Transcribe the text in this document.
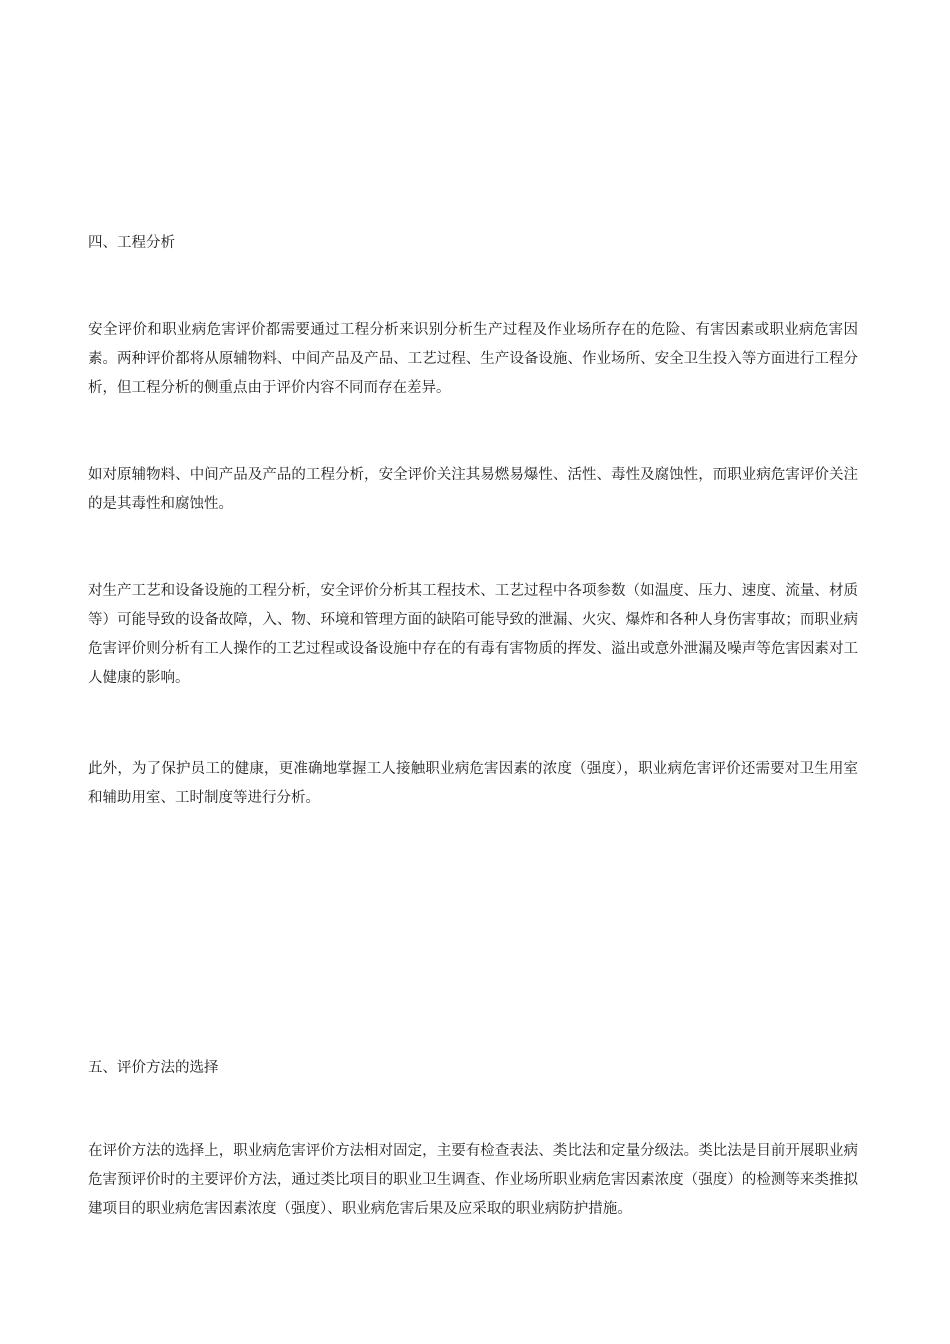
四、工程分析

安全评价和职业病危害评价都需要通过工程分析来识别分析生产过程及作业场所存在的危险、有害因素或职业病危害因素。两种评价都将从原辅物料、中间产品及产品、工艺过程、生产设备设施、作业场所、安全卫生投入等方面进行工程分析，但工程分析的侧重点由于评价内容不同而存在差异。

如对原辅物料、中间产品及产品的工程分析，安全评价关注其易燃易爆性、活性、毒性及腐蚀性，而职业病危害评价关注的是其毒性和腐蚀性。

对生产工艺和设备设施的工程分析，安全评价分析其工程技术、工艺过程中各项参数（如温度、压力、速度、流量、材质等）可能导致的设备故障，入、物、环境和管理方面的缺陷可能导致的泄漏、火灾、爆炸和各种人身伤害事故；而职业病危害评价则分析有工人操作的工艺过程或设备设施中存在的有毒有害物质的挥发、溢出或意外泄漏及噪声等危害因素对工人健康的影响。

此外，为了保护员工的健康，更准确地掌握工人接触职业病危害因素的浓度（强度），职业病危害评价还需要对卫生用室和辅助用室、工时制度等进行分析。

五、评价方法的选择

在评价方法的选择上，职业病危害评价方法相对固定，主要有检查表法、类比法和定量分级法。类比法是目前开展职业病危害预评价时的主要评价方法，通过类比项目的职业卫生调查、作业场所职业病危害因素浓度（强度）的检测等来类推拟建项目的职业病危害因素浓度（强度）、职业病危害后果及应采取的职业病防护措施。
